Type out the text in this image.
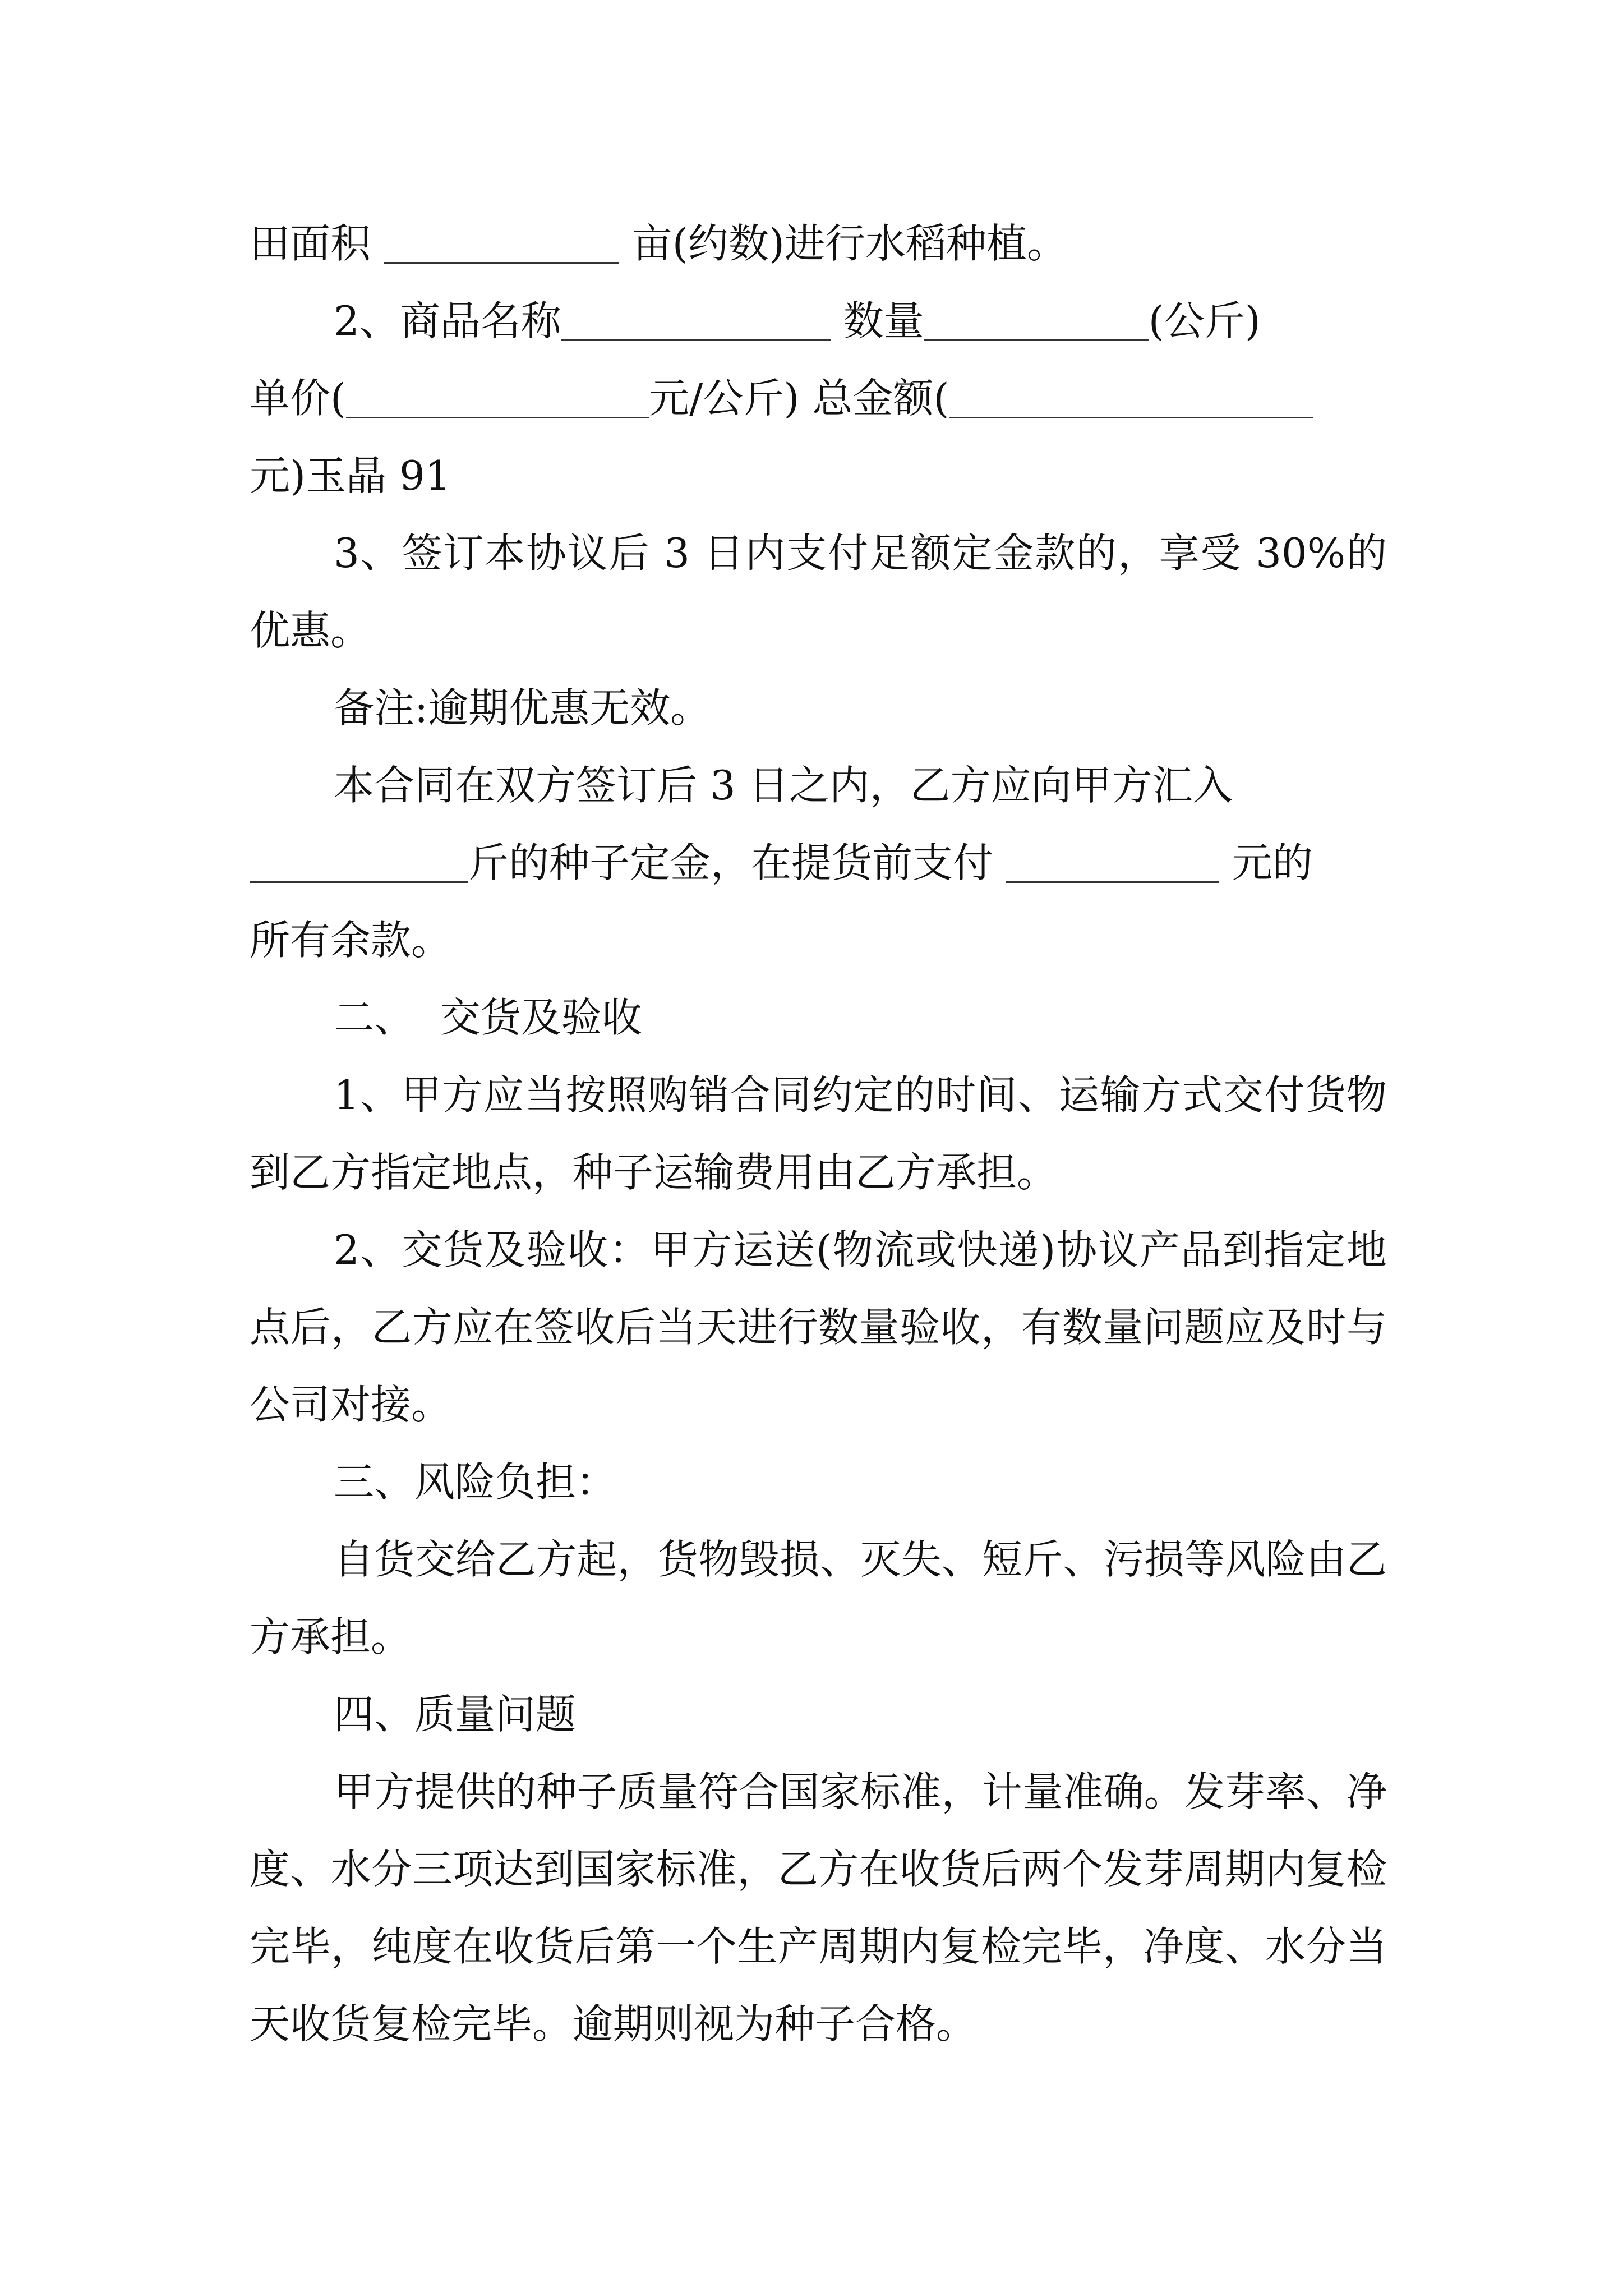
田面积	亩(约数)进行水稻种植。

2、商品名称	数量	(公斤)

单价(	元/公斤) 总金额(

元)玉晶 91

3、签订本协议后 3 日内支付足额定金款的，享受 30%的优惠。

备注:逾期优惠无效。

本合同在双方签订后 3 日之内，乙方应向甲方汇入

斤的种子定金，在提货前支付	元的

所有余款。

二、  交货及验收

1、甲方应当按照购销合同约定的时间、运输方式交付货物到乙方指定地点，种子运输费用由乙方承担。

2、交货及验收：甲方运送(物流或快递)协议产品到指定地点后，乙方应在签收后当天进行数量验收，有数量问题应及时与公司对接。

三、风险负担：

自货交给乙方起，货物毁损、灭失、短斤、污损等风险由乙方承担。

四、质量问题

甲方提供的种子质量符合国家标准，计量准确。发芽率、净度、水分三项达到国家标准，乙方在收货后两个发芽周期内复检完毕，纯度在收货后第一个生产周期内复检完毕，净度、水分当天收货复检完毕。逾期则视为种子合格。
